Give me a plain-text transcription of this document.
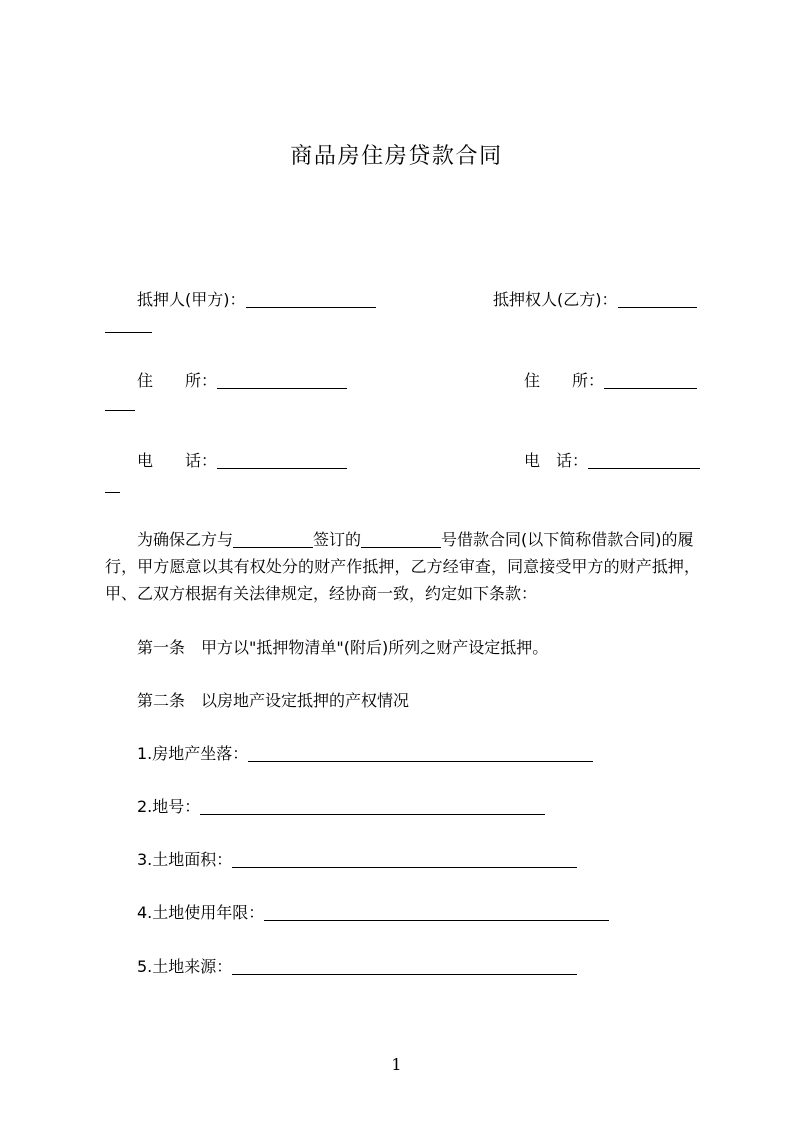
商品房住房贷款合同
抵押人(甲方)：	抵押权人(乙方)：
住　　所：	住　　所：
电　　话：	电　话：
为确保乙方与	签订的	号借款合同(以下简称借款合同)的履
行，甲方愿意以其有权处分的财产作抵押，乙方经审查，同意接受甲方的财产抵押，
甲、乙双方根据有关法律规定，经协商一致，约定如下条款：
第一条　甲方以"抵押物清单"(附后)所列之财产设定抵押。
第二条　以房地产设定抵押的产权情况
1.房地产坐落：
2.地号：
3.土地面积：
4.土地使用年限：
5.土地来源：
1
